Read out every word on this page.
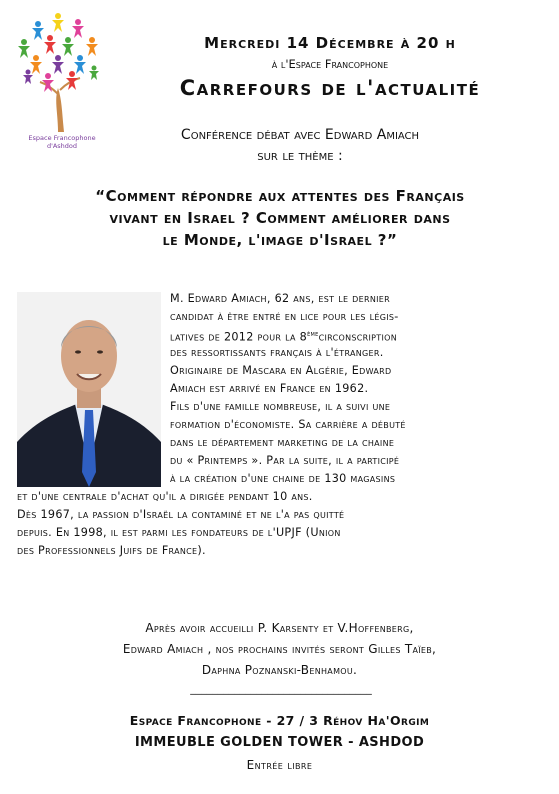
Espace Francophone
d'Ashdod
Mercredi 14 Décembre à 20 h
à l'Espace Francophone
Carrefours de l'actualité
Conférence débat avec Edward Amiach
sur le thème :
“Comment répondre aux attentes des Français
vivant en Israel ? Comment améliorer dans
le Monde, l'image d'Israel ?”
M. Edward Amiach, 62 ans, est le dernier
candidat à être entré en lice pour les légis-
latives de 2012 pour la 8èmecirconscription
des ressortissants français à l'étranger.
Originaire de Mascara en Algérie, Edward
Amiach est arrivé en France en 1962.
Fils d'une famille nombreuse, il a suivi une
formation d'économiste. Sa carrière a débuté
dans le département marketing de la chaine
du « Printemps ». Par la suite, il a participé
à la création d'une chaine de 130 magasins
et d'une centrale d'achat qu'il a dirigée pendant 10 ans.
Dès 1967, la passion d'Israël la contaminé et ne l'a pas quitté
depuis. En 1998, il est parmi les fondateurs de l'UPJF (Union
des Professionnels Juifs de France).
Après avoir accueilli P. Karsenty et V.Hoffenberg,
Edward Amiach , nos prochains invités seront Gilles Taïeb,
Daphna Poznanski-Benhamou.
_________________________________
Espace Francophone - 27 / 3 Réhov Ha'Orgim
IMMEUBLE GOLDEN TOWER - ASHDOD
Entrée libre
